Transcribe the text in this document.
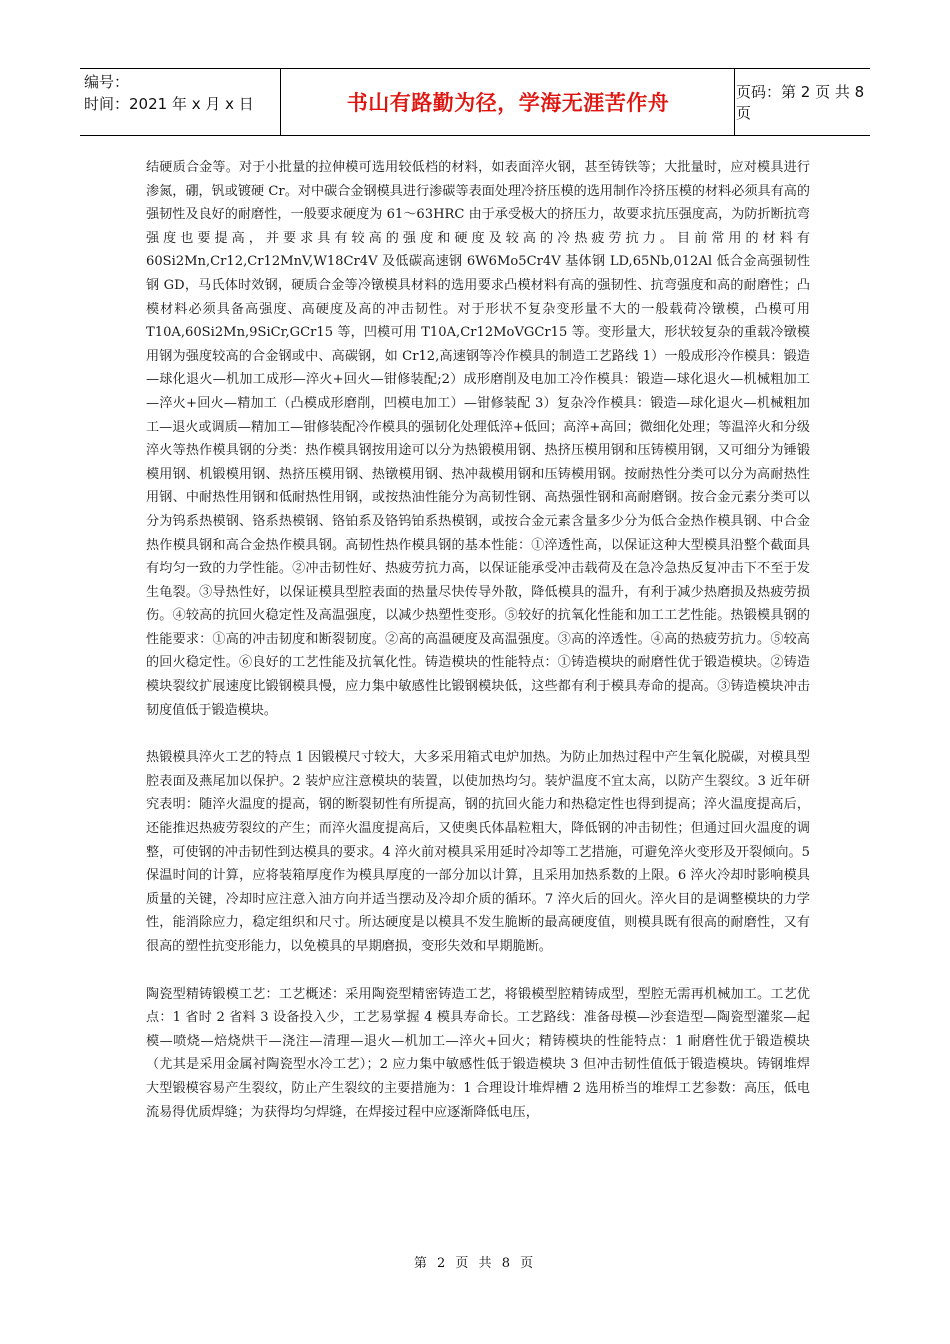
编号：
时间：2021 年 x 月 x 日	书山有路勤为径，学海无涯苦作舟	页码：第 2 页 共 8 页

结硬质合金等。对于小批量的拉伸模可选用较低档的材料，如表面淬火钢，甚至铸铁等；大批量时，应对模具进行渗氮，硼，钒或镀硬 Cr。对中碳合金钢模具进行渗碳等表面处理冷挤压模的选用制作冷挤压模的材料必须具有高的强韧性及良好的耐磨性，一般要求硬度为 61～63HRC 由于承受极大的挤压力，故要求抗压强度高，为防折断抗弯强度也要提高，并要求具有较高的强度和硬度及较高的冷热疲劳抗力。目前常用的材料有 60Si2Mn,Cr12,Cr12MnV,W18Cr4V 及低碳高速钢 6W6Mo5Cr4V 基体钢 LD,65Nb,012Al 低合金高强韧性钢 GD，马氏体时效钢，硬质合金等冷镦模具材料的选用要求凸模材料有高的强韧性、抗弯强度和高的耐磨性；凸模材料必须具备高强度、高硬度及高的冲击韧性。对于形状不复杂变形量不大的一般载荷冷镦模，凸模可用 T10A,60Si2Mn,9SiCr,GCr15 等，凹模可用 T10A,Cr12MoVGCr15 等。变形量大，形状较复杂的重载冷镦模用钢为强度较高的合金钢或中、高碳钢，如 Cr12,高速钢等冷作模具的制造工艺路线 1）一般成形冷作模具：锻造—球化退火—机加工成形—淬火+回火—钳修装配;2）成形磨削及电加工冷作模具：锻造—球化退火—机械粗加工—淬火+回火—精加工（凸模成形磨削，凹模电加工）—钳修装配 3）复杂冷作模具：锻造—球化退火—机械粗加工—退火或调质—精加工—钳修装配冷作模具的强韧化处理低淬+低回；高淬+高回；微细化处理；等温淬火和分级淬火等热作模具钢的分类：热作模具钢按用途可以分为热锻模用钢、热挤压模用钢和压铸模用钢，又可细分为锤锻模用钢、机锻模用钢、热挤压模用钢、热镦模用钢、热冲裁模用钢和压铸模用钢。按耐热性分类可以分为高耐热性用钢、中耐热性用钢和低耐热性用钢，或按热油性能分为高韧性钢、高热强性钢和高耐磨钢。按合金元素分类可以分为钨系热模钢、铬系热模钢、铬铂系及铬钨铂系热模钢，或按合金元素含量多少分为低合金热作模具钢、中合金热作模具钢和高合金热作模具钢。高韧性热作模具钢的基本性能：①淬透性高，以保证这种大型模具沿整个截面具有均匀一致的力学性能。②冲击韧性好、热疲劳抗力高，以保证能承受冲击载荷及在急冷急热反复冲击下不至于发生龟裂。③导热性好，以保证模具型腔表面的热量尽快传导外散，降低模具的温升，有利于减少热磨损及热疲劳损伤。④较高的抗回火稳定性及高温强度，以减少热塑性变形。⑤较好的抗氧化性能和加工工艺性能。热锻模具钢的性能要求：①高的冲击韧度和断裂韧度。②高的高温硬度及高温强度。③高的淬透性。④高的热疲劳抗力。⑤较高的回火稳定性。⑥良好的工艺性能及抗氧化性。铸造模块的性能特点：①铸造模块的耐磨性优于锻造模块。②铸造模块裂纹扩展速度比锻钢模具慢，应力集中敏感性比锻钢模块低，这些都有利于模具寿命的提高。③铸造模块冲击韧度值低于锻造模块。

热锻模具淬火工艺的特点 1 因锻模尺寸较大，大多采用箱式电炉加热。为防止加热过程中产生氧化脱碳，对模具型腔表面及燕尾加以保护。2 装炉应注意模块的装置，以使加热均匀。装炉温度不宜太高，以防产生裂纹。3 近年研究表明：随淬火温度的提高，钢的断裂韧性有所提高，钢的抗回火能力和热稳定性也得到提高；淬火温度提高后，还能推迟热疲劳裂纹的产生；而淬火温度提高后，又使奥氏体晶粒粗大，降低钢的冲击韧性；但通过回火温度的调整，可使钢的冲击韧性到达模具的要求。4 淬火前对模具采用延时冷却等工艺措施，可避免淬火变形及开裂倾向。5 保温时间的计算，应将装箱厚度作为模具厚度的一部分加以计算，且采用加热系数的上限。6 淬火冷却时影响模具质量的关键，冷却时应注意入油方向并适当摆动及冷却介质的循环。7 淬火后的回火。淬火目的是调整模块的力学性，能消除应力，稳定组织和尺寸。所达硬度是以模具不发生脆断的最高硬度值，则模具既有很高的耐磨性，又有很高的塑性抗变形能力，以免模具的早期磨损，变形失效和早期脆断。

陶瓷型精铸锻模工艺：工艺概述：采用陶瓷型精密铸造工艺，将锻模型腔精铸成型，型腔无需再机械加工。工艺优点：1 省时 2 省料 3 设备投入少，工艺易掌握 4 模具寿命长。工艺路线：准备母模—沙套造型—陶瓷型灌浆—起模—喷烧—焙烧烘干—浇注—清理—退火—机加工—淬火+回火；精铸模块的性能特点：1 耐磨性优于锻造模块（尤其是采用金属衬陶瓷型水冷工艺）；2 应力集中敏感性低于锻造模块 3 但冲击韧性值低于锻造模块。铸钢堆焊大型锻模容易产生裂纹，防止产生裂纹的主要措施为：1 合理设计堆焊槽 2 选用桥当的堆焊工艺参数：高压，低电流易得优质焊缝；为获得均匀焊缝，在焊接过程中应逐渐降低电压，

第 2 页 共 8 页
